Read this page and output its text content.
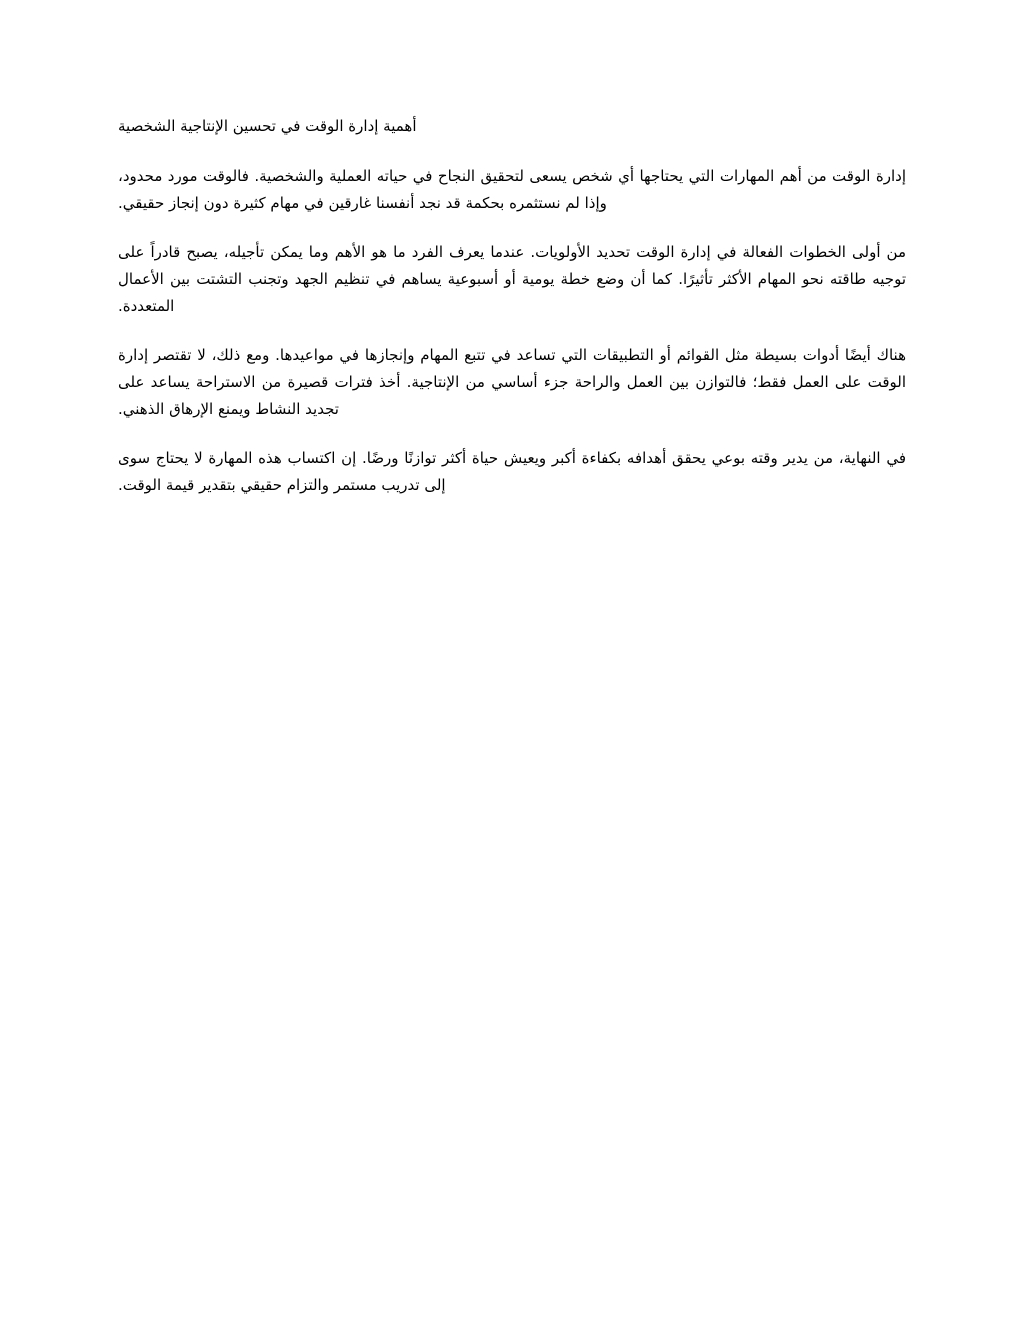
أهمية إدارة الوقت في تحسين الإنتاجية الشخصية

إدارة الوقت من أهم المهارات التي يحتاجها أي شخص يسعى لتحقيق النجاح في حياته العملية والشخصية. فالوقت مورد محدود، وإذا لم نستثمره بحكمة قد نجد أنفسنا غارقين في مهام كثيرة دون إنجاز حقيقي.

من أولى الخطوات الفعالة في إدارة الوقت تحديد الأولويات. عندما يعرف الفرد ما هو الأهم وما يمكن تأجيله، يصبح قادراً على توجيه طاقته نحو المهام الأكثر تأثيرًا. كما أن وضع خطة يومية أو أسبوعية يساهم في تنظيم الجهد وتجنب التشتت بين الأعمال المتعددة.

هناك أيضًا أدوات بسيطة مثل القوائم أو التطبيقات التي تساعد في تتبع المهام وإنجازها في مواعيدها. ومع ذلك، لا تقتصر إدارة الوقت على العمل فقط؛ فالتوازن بين العمل والراحة جزء أساسي من الإنتاجية. أخذ فترات قصيرة من الاستراحة يساعد على تجديد النشاط ويمنع الإرهاق الذهني.

في النهاية، من يدير وقته بوعي يحقق أهدافه بكفاءة أكبر ويعيش حياة أكثر توازنًا ورضًا. إن اكتساب هذه المهارة لا يحتاج سوى إلى تدريب مستمر والتزام حقيقي بتقدير قيمة الوقت.
